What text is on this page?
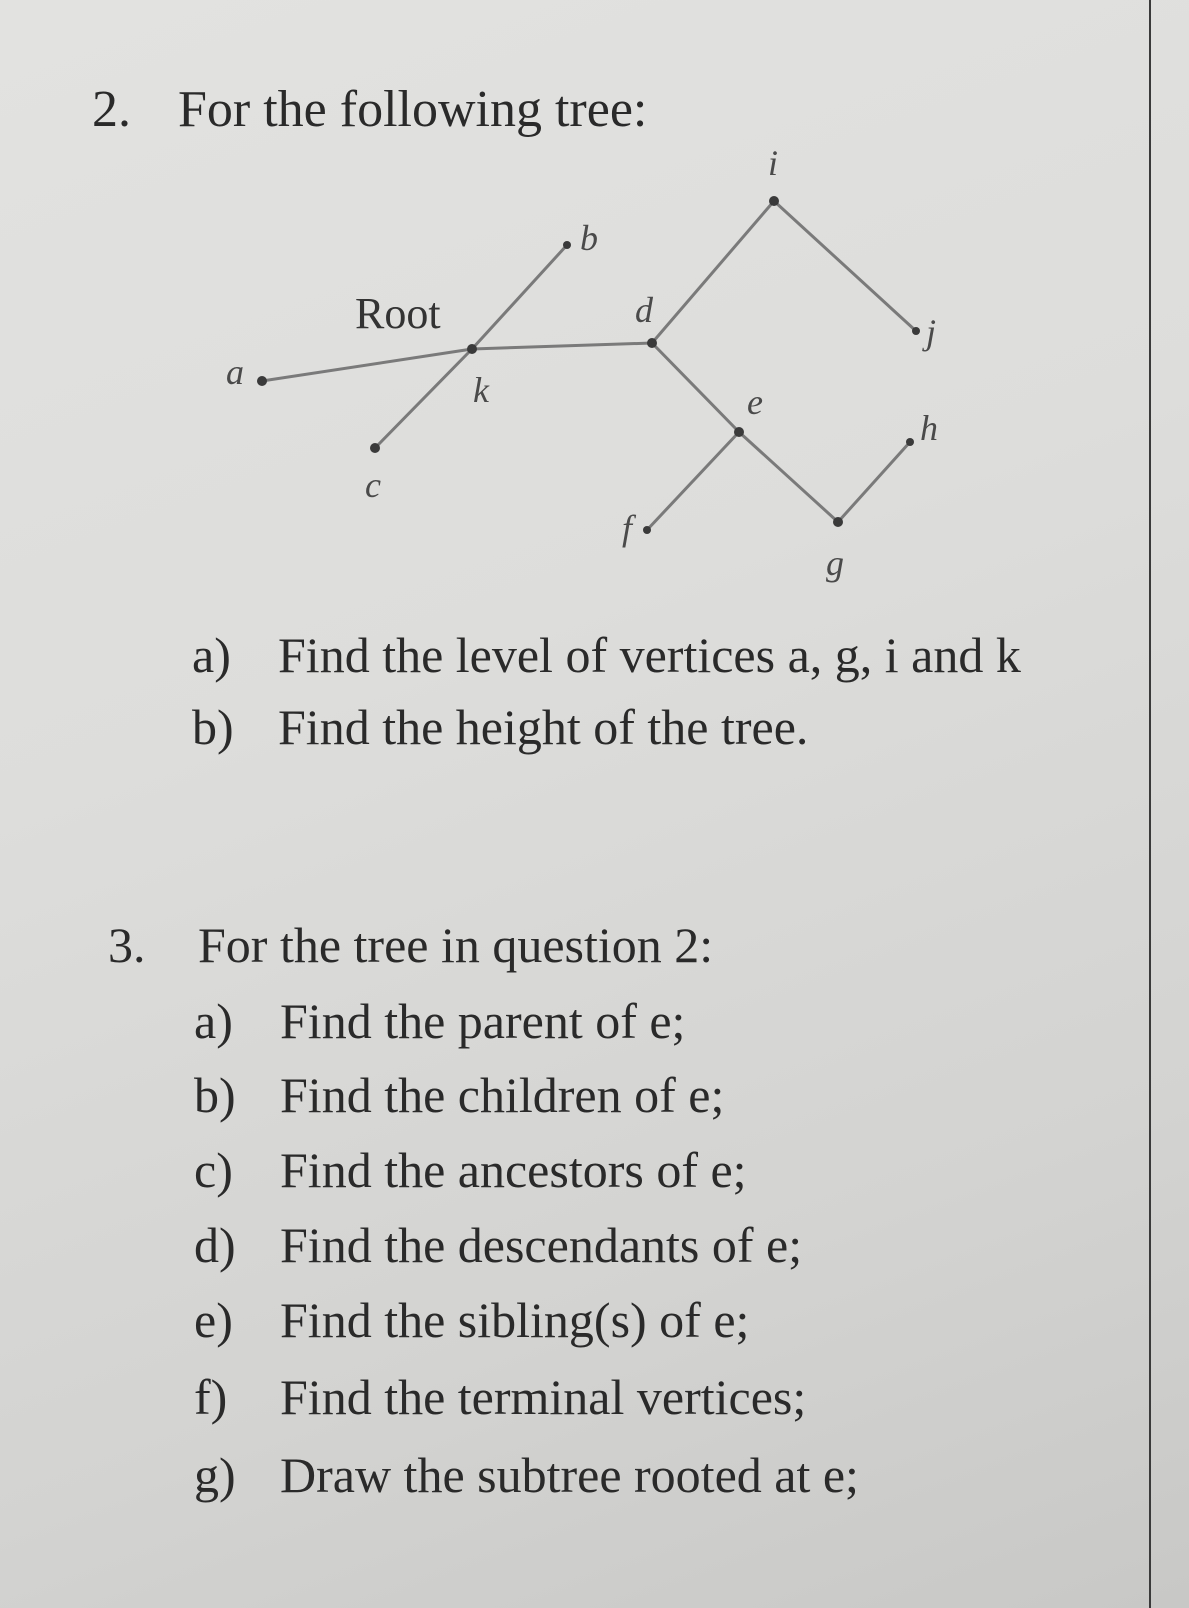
2. For the following tree:
Root
k
a
b
c
d
e
f
g
h
i
j
a) Find the level of vertices a, g, i and k
b) Find the height of the tree.
3. For the tree in question 2:
a) Find the parent of e;
b) Find the children of e;
c) Find the ancestors of e;
d) Find the descendants of e;
e) Find the sibling(s) of e;
f) Find the terminal vertices;
g) Draw the subtree rooted at e;
